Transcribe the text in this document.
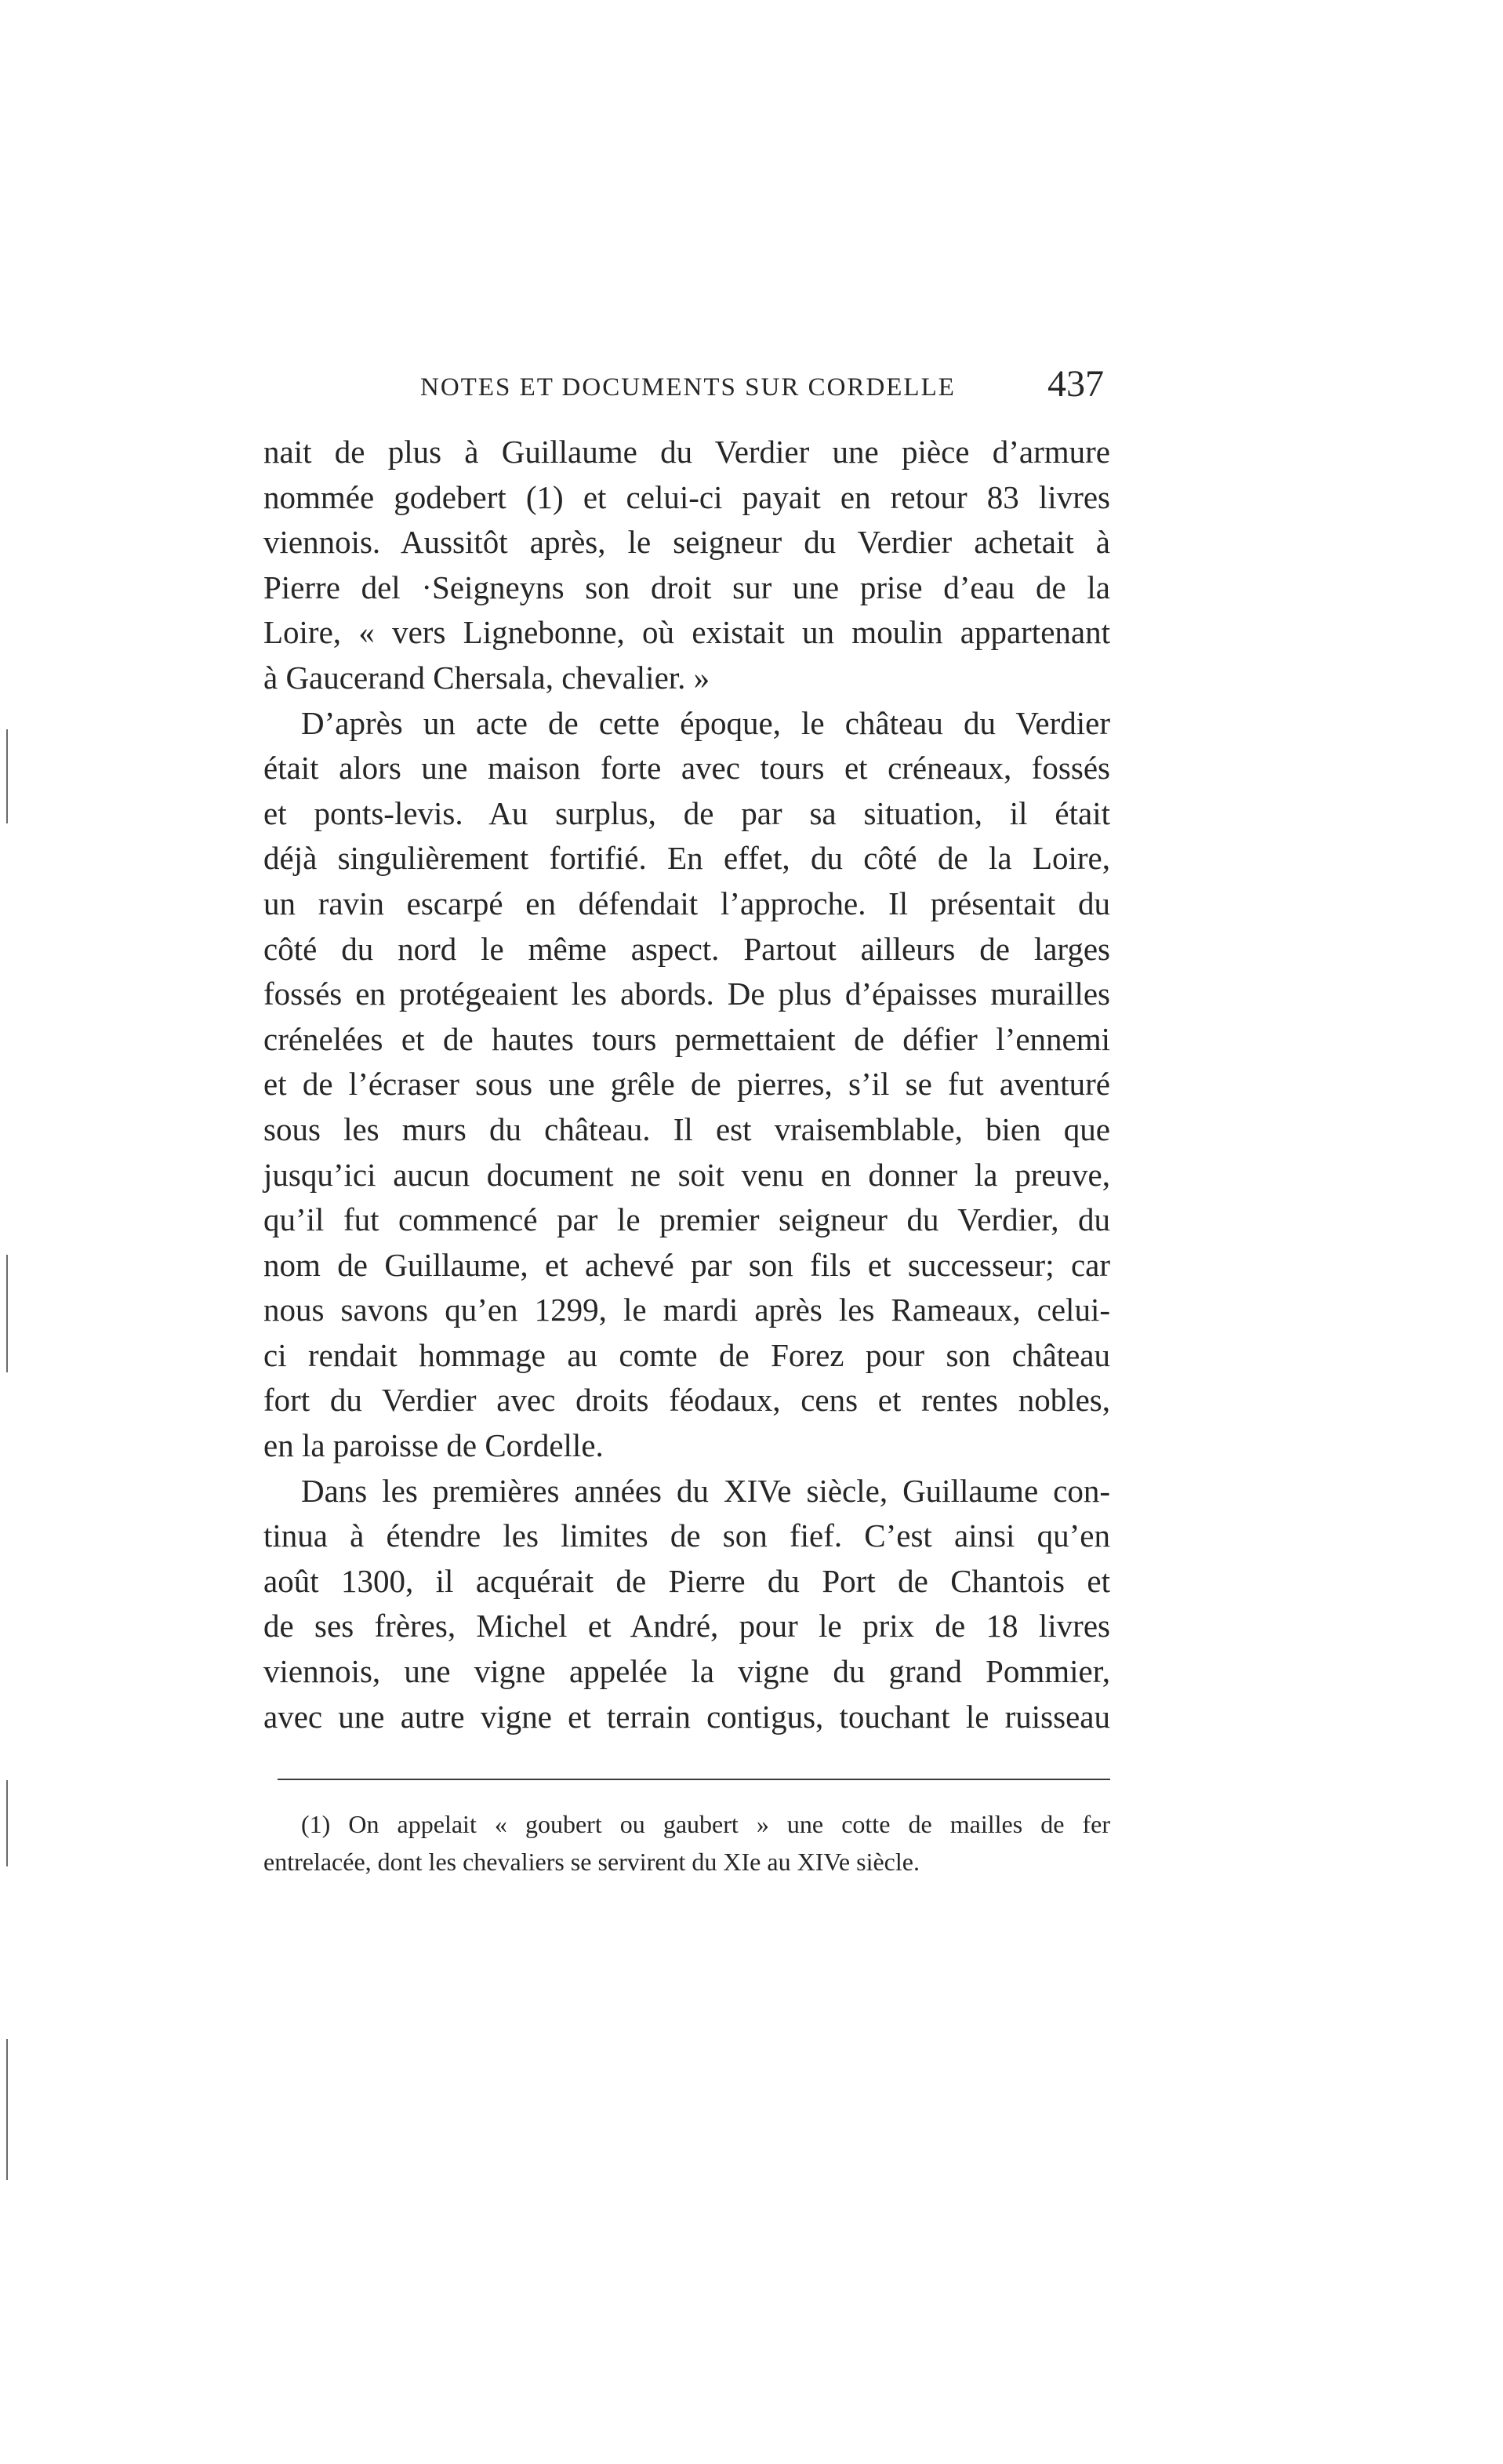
NOTES ET DOCUMENTS SUR CORDELLE 437
nait de plus à Guillaume du Verdier une pièce d’armure
nommée godebert (1) et celui-ci payait en retour 83 livres
viennois. Aussitôt après, le seigneur du Verdier achetait à
Pierre del ·Seigneyns son droit sur une prise d’eau de la
Loire, « vers Lignebonne, où existait un moulin appartenant
à Gaucerand Chersala, chevalier. »
D’après un acte de cette époque, le château du Verdier
était alors une maison forte avec tours et créneaux, fossés
et ponts-levis. Au surplus, de par sa situation, il était
déjà singulièrement fortifié. En effet, du côté de la Loire,
un ravin escarpé en défendait l’approche. Il présentait du
côté du nord le même aspect. Partout ailleurs de larges
fossés en protégeaient les abords. De plus d’épaisses murailles
crénelées et de hautes tours permettaient de défier l’ennemi
et de l’écraser sous une grêle de pierres, s’il se fut aventuré
sous les murs du château. Il est vraisemblable, bien que
jusqu’ici aucun document ne soit venu en donner la preuve,
qu’il fut commencé par le premier seigneur du Verdier, du
nom de Guillaume, et achevé par son fils et successeur; car
nous savons qu’en 1299, le mardi après les Rameaux, celui-
ci rendait hommage au comte de Forez pour son château
fort du Verdier avec droits féodaux, cens et rentes nobles,
en la paroisse de Cordelle.
Dans les premières années du XIVe siècle, Guillaume con-
tinua à étendre les limites de son fief. C’est ainsi qu’en
août 1300, il acquérait de Pierre du Port de Chantois et
de ses frères, Michel et André, pour le prix de 18 livres
viennois, une vigne appelée la vigne du grand Pommier,
avec une autre vigne et terrain contigus, touchant le ruisseau
(1) On appelait « goubert ou gaubert » une cotte de mailles de fer
entrelacée, dont les chevaliers se servirent du XIe au XIVe siècle.
